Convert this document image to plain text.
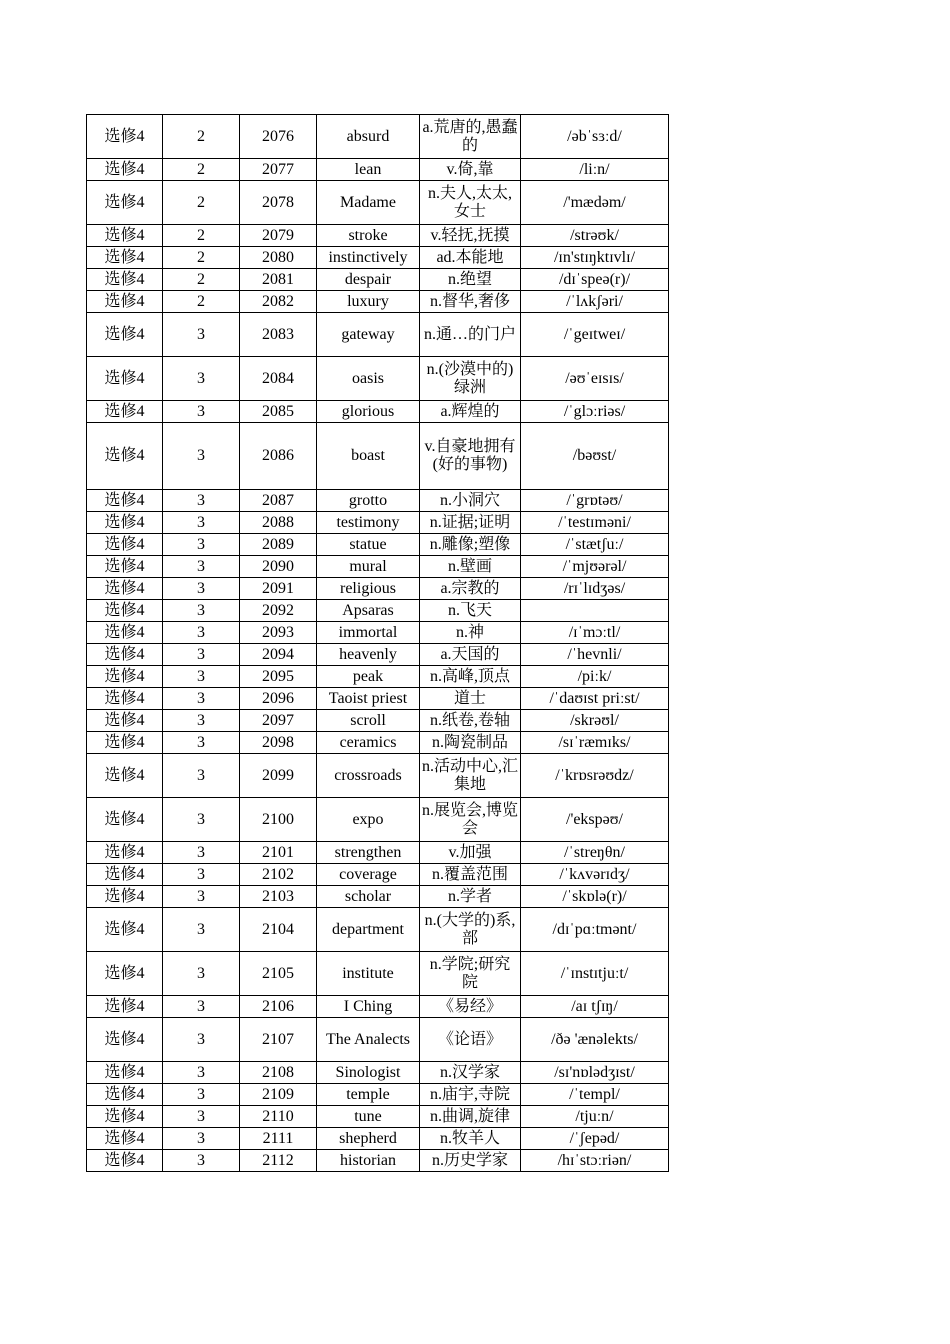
选修4	2	2076	absurd	a.荒唐的,愚蠢的	/əbˈsɜːd/
选修4	2	2077	lean	v.倚,靠	/liːn/
选修4	2	2078	Madame	n.夫人,太太,女士	/'mædəm/
选修4	2	2079	stroke	v.轻抚,抚摸	/strəʊk/
选修4	2	2080	instinctively	ad.本能地	/ɪn'stɪŋktɪvlɪ/
选修4	2	2081	despair	n.绝望	/dɪˈspeə(r)/
选修4	2	2082	luxury	n.督华,奢侈	/ˈlʌkʃəri/
选修4	3	2083	gateway	n.通…的门户	/ˈgeɪtweɪ/
选修4	3	2084	oasis	n.(沙漠中的)绿洲	/əʊˈeɪsɪs/
选修4	3	2085	glorious	a.辉煌的	/ˈglɔːriəs/
选修4	3	2086	boast	v.自豪地拥有(好的事物)	/bəʊst/
选修4	3	2087	grotto	n.小洞穴	/ˈgrɒtəʊ/
选修4	3	2088	testimony	n.证据;证明	/ˈtestɪməni/
选修4	3	2089	statue	n.雕像;塑像	/ˈstætʃuː/
选修4	3	2090	mural	n.壁画	/ˈmjʊərəl/
选修4	3	2091	religious	a.宗教的	/rɪˈlɪdʒəs/
选修4	3	2092	Apsaras	n.飞天	
选修4	3	2093	immortal	n.神	/ɪˈmɔːtl/
选修4	3	2094	heavenly	a.天国的	/ˈhevnli/
选修4	3	2095	peak	n.高峰,顶点	/piːk/
选修4	3	2096	Taoist priest	道士	/ˈdaʊɪst priːst/
选修4	3	2097	scroll	n.纸卷,卷轴	/skrəʊl/
选修4	3	2098	ceramics	n.陶瓷制品	/sɪˈræmɪks/
选修4	3	2099	crossroads	n.活动中心,汇集地	/ˈkrɒsrəʊdz/
选修4	3	2100	expo	n.展览会,博览会	/'ekspəʊ/
选修4	3	2101	strengthen	v.加强	/ˈstreŋθn/
选修4	3	2102	coverage	n.覆盖范围	/ˈkʌvərɪdʒ/
选修4	3	2103	scholar	n.学者	/ˈskɒlə(r)/
选修4	3	2104	department	n.(大学的)系,部	/dɪˈpɑːtmənt/
选修4	3	2105	institute	n.学院;研究院	/ˈɪnstɪtjuːt/
选修4	3	2106	I Ching	《易经》	/aɪ tʃɪŋ/
选修4	3	2107	The Analects	《论语》	/ðə 'ænəlekts/
选修4	3	2108	Sinologist	n.汉学家	/sɪ'nɒlədʒɪst/
选修4	3	2109	temple	n.庙宇,寺院	/ˈtempl/
选修4	3	2110	tune	n.曲调,旋律	/tjuːn/
选修4	3	2111	shepherd	n.牧羊人	/ˈʃepəd/
选修4	3	2112	historian	n.历史学家	/hɪˈstɔːriən/
